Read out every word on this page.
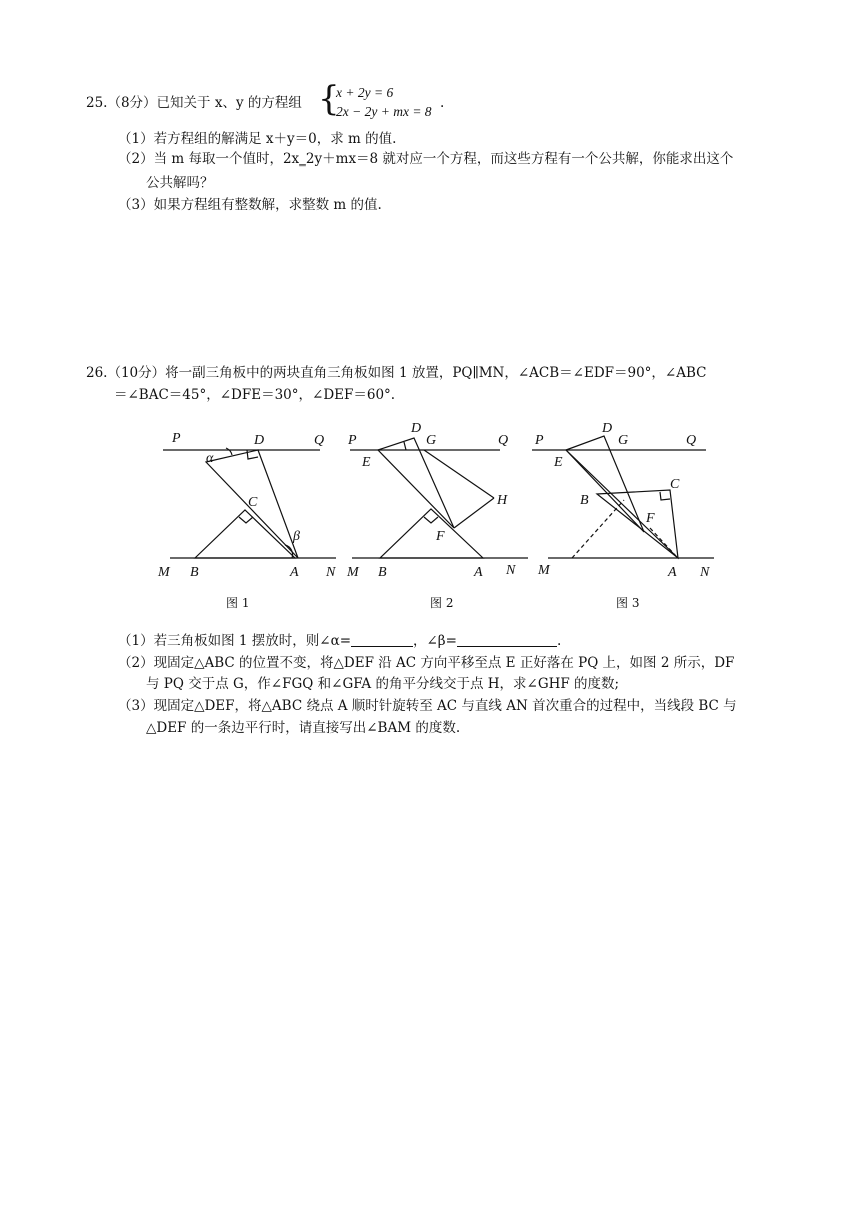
25.（8分）已知关于 x、y 的方程组 {
x + 2y = 6
2x − 2y + mx = 8
.
（1）若方程组的解满足 x＋y＝0，求 m 的值.
（2）当 m 每取一个值时，2x‗2y＋mx＝8 就对应一个方程，而这些方程有一个公共解，你能求出这个
公共解吗？
（3）如果方程组有整数解，求整数 m 的值.
26.（10分）将一副三角板中的两块直角三角板如图 1 放置，PQ∥MN，∠ACB＝∠EDF＝90°，∠ABC
＝∠BAC＝45°，∠DFE＝30°，∠DEF＝60°.
P	D	Q
α
C
β
M B	A N
D
P	G	Q
E
H
F
M B	A N
D
P	G	Q
E
C
B
F
M	A N
图 1	图 2	图 3
（1）若三角板如图 1 摆放时，则∠α=	，∠β=	.
（2）现固定△ABC 的位置不变，将△DEF 沿 AC 方向平移至点 E 正好落在 PQ 上，如图 2 所示，DF
与 PQ 交于点 G，作∠FGQ 和∠GFA 的角平分线交于点 H，求∠GHF 的度数;
（3）现固定△DEF，将△ABC 绕点 A 顺时针旋转至 AC 与直线 AN 首次重合的过程中，当线段 BC 与
△DEF 的一条边平行时，请直接写出∠BAM 的度数.
